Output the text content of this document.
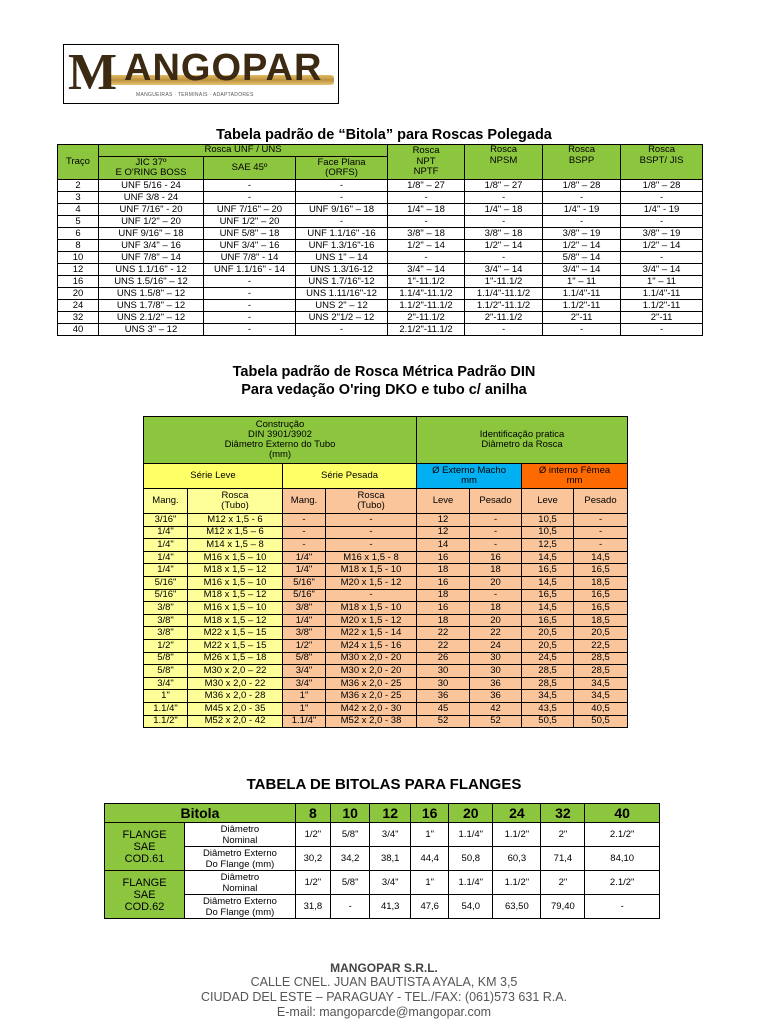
M ANGOPAR
MANGUEIRAS · TERMINAIS · ADAPTADORES
Tabela padrão de “Bitola” para Roscas Polegada
Traço	Rosca UNF / UNS			Rosca
NPT
NPTF	Rosca
NPSM	Rosca
BSPP	Rosca
BSPT/ JIS
	JIC 37º
E O'RING BOSS	SAE 45º	Face Plana
(ORFS)				
2	UNF 5/16 - 24	-	-	1/8" – 27	1/8" – 27	1/8" – 28	1/8" – 28
3	UNF 3/8 - 24	-	-	-	-	-	-
4	UNF 7/16" - 20	UNF 7/16" – 20	UNF 9/16" – 18	1/4" – 18	1/4" – 18	1/4" - 19	1/4" - 19
5	UNF 1/2" – 20	UNF 1/2" – 20	-	-	-	-	-
6	UNF 9/16" – 18	UNF 5/8" – 18	UNF 1.1/16" -16	3/8" – 18	3/8" – 18	3/8" – 19	3/8" – 19
8	UNF 3/4" – 16	UNF 3/4" – 16	UNF 1.3/16"-16	1/2" – 14	1/2" – 14	1/2" – 14	1/2" – 14
10	UNF 7/8" – 14	UNF 7/8" - 14	UNS 1" – 14	-	-	5/8" – 14	-
12	UNS 1.1/16" - 12	UNF 1.1/16" - 14	UNS 1.3/16-12	3/4" – 14	3/4" – 14	3/4" – 14	3/4" – 14
16	UNS 1.5/16" – 12	-	UNS 1.7/16"-12	1"-11.1/2	1"-11.1/2	1" – 11	1" – 11
20	UNS 1.5/8" – 12	-	UNS 1.11/16"-12	1.1/4"-11.1/2	1.1/4"-11.1/2	1.1/4"-11	1.1/4"-11
24	UNS 1.7/8" – 12	-	UNS 2" – 12	1.1/2"-11.1/2	1.1/2"-11.1/2	1.1/2"-11	1.1/2"-11
32	UNS 2.1/2" – 12	-	UNS 2"1/2 – 12	2"-11.1/2	2"-11.1/2	2"-11	2"-11
40	UNS 3" – 12	-	-	2.1/2"-11.1/2	-	-	-
Tabela padrão de Rosca Métrica Padrão DIN
Para vedação O'ring DKO e tubo c/ anilha
Construção
DIN 3901/3902
Diâmetro Externo do Tubo
(mm)				Identificação pratica
Diâmetro da Rosca			
Série Leve		Série Pesada		Ø Externo Macho
mm		Ø interno Fêmea
mm	
Mang.	Rosca
(Tubo)	Mang.	Rosca
(Tubo)	Leve	Pesado	Leve	Pesado
3/16"	M12 x 1,5 - 6	-	-	12	-	10,5	-
1/4"	M12 x 1,5 – 6	-	-	12	-	10,5	-
1/4"	M14 x 1,5 – 8	-	-	14	-	12,5	-
1/4"	M16 x 1,5 – 10	1/4"	M16 x 1,5 - 8	16	16	14,5	14,5
1/4"	M18 x 1,5 – 12	1/4"	M18 x 1,5 - 10	18	18	16,5	16,5
5/16"	M16 x 1,5 – 10	5/16"	M20 x 1,5 - 12	16	20	14,5	18,5
5/16"	M18 x 1,5 – 12	5/16"	-	18	-	16,5	16,5
3/8"	M16 x 1,5 – 10	3/8"	M18 x 1,5 - 10	16	18	14,5	16,5
3/8"	M18 x 1,5 – 12	1/4"	M20 x 1,5 - 12	18	20	16,5	18,5
3/8"	M22 x 1,5 – 15	3/8"	M22 x 1,5 - 14	22	22	20,5	20,5
1/2"	M22 x 1,5 – 15	1/2"	M24 x 1,5 - 16	22	24	20,5	22,5
5/8"	M26 x 1,5 – 18	5/8"	M30 x 2,0 - 20	26	30	24,5	28,5
5/8"	M30 x 2,0 – 22	3/4"	M30 x 2,0 - 20	30	30	28,5	28,5
3/4"	M30 x 2,0 - 22	3/4"	M36 x 2,0 - 25	30	36	28,5	34,5
1"	M36 x 2,0 - 28	1"	M36 x 2,0 - 25	36	36	34,5	34,5
1.1/4"	M45 x 2,0 - 35	1"	M42 x 2,0 - 30	45	42	43,5	40,5
1.1/2"	M52 x 2,0 - 42	1.1/4"	M52 x 2,0 - 38	52	52	50,5	50,5
TABELA DE BITOLAS PARA FLANGES
Bitola		8	10	12	16	20	24	32	40
FLANGE
SAE
COD.61	Diâmetro
Nominal	1/2"	5/8"	3/4"	1"	1.1/4"	1.1/2"	2"	2.1/2"
	Diâmetro Externo
Do Flange (mm)	30,2	34,2	38,1	44,4	50,8	60,3	71,4	84,10
FLANGE
SAE
COD.62	Diâmetro
Nominal	1/2"	5/8"	3/4"	1"	1.1/4"	1.1/2"	2"	2.1/2"
	Diâmetro Externo
Do Flange (mm)	31,8	-	41,3	47,6	54,0	63,50	79,40	-
MANGOPAR S.R.L.
CALLE CNEL. JUAN BAUTISTA AYALA, KM 3,5
CIUDAD DEL ESTE – PARAGUAY - TEL./FAX: (061)573 631 R.A.
E-mail: mangoparcde@mangopar.com
